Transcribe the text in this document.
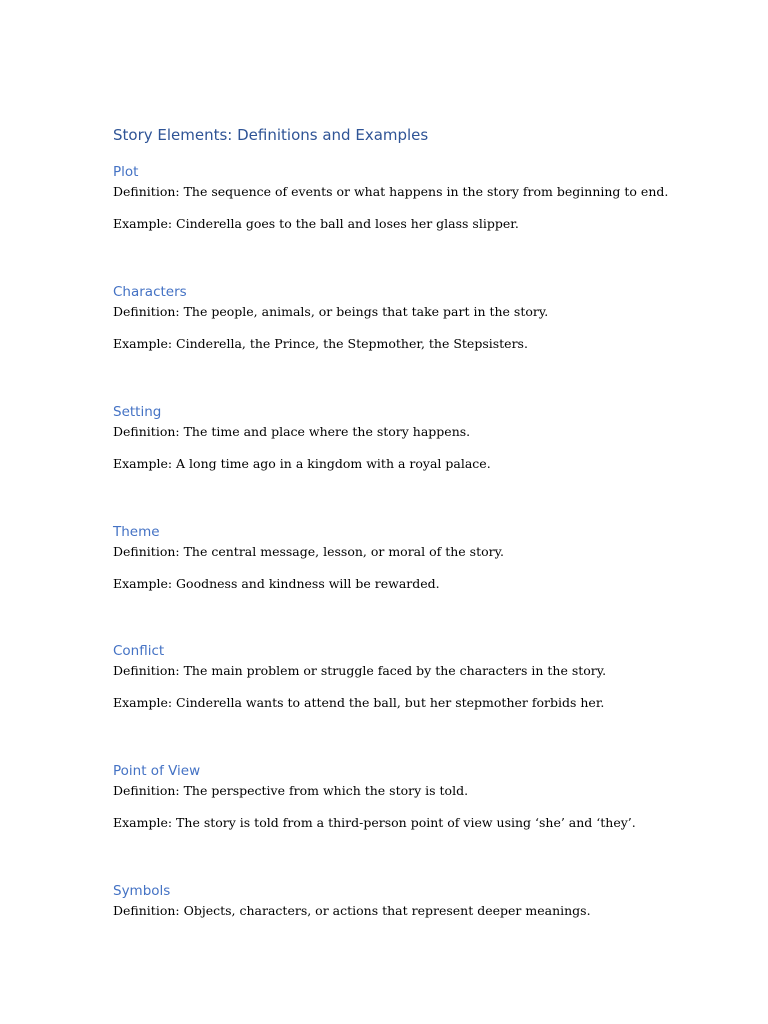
Story Elements: Definitions and Examples
Plot

Definition: The sequence of events or what happens in the story from beginning to end.

Example: Cinderella goes to the ball and loses her glass slipper.

Characters

Definition: The people, animals, or beings that take part in the story.

Example: Cinderella, the Prince, the Stepmother, the Stepsisters.

Setting

Definition: The time and place where the story happens.

Example: A long time ago in a kingdom with a royal palace.

Theme

Definition: The central message, lesson, or moral of the story.

Example: Goodness and kindness will be rewarded.

Conflict

Definition: The main problem or struggle faced by the characters in the story.

Example: Cinderella wants to attend the ball, but her stepmother forbids her.

Point of View

Definition: The perspective from which the story is told.

Example: The story is told from a third-person point of view using ‘she’ and ‘they’.

Symbols

Definition: Objects, characters, or actions that represent deeper meanings.
